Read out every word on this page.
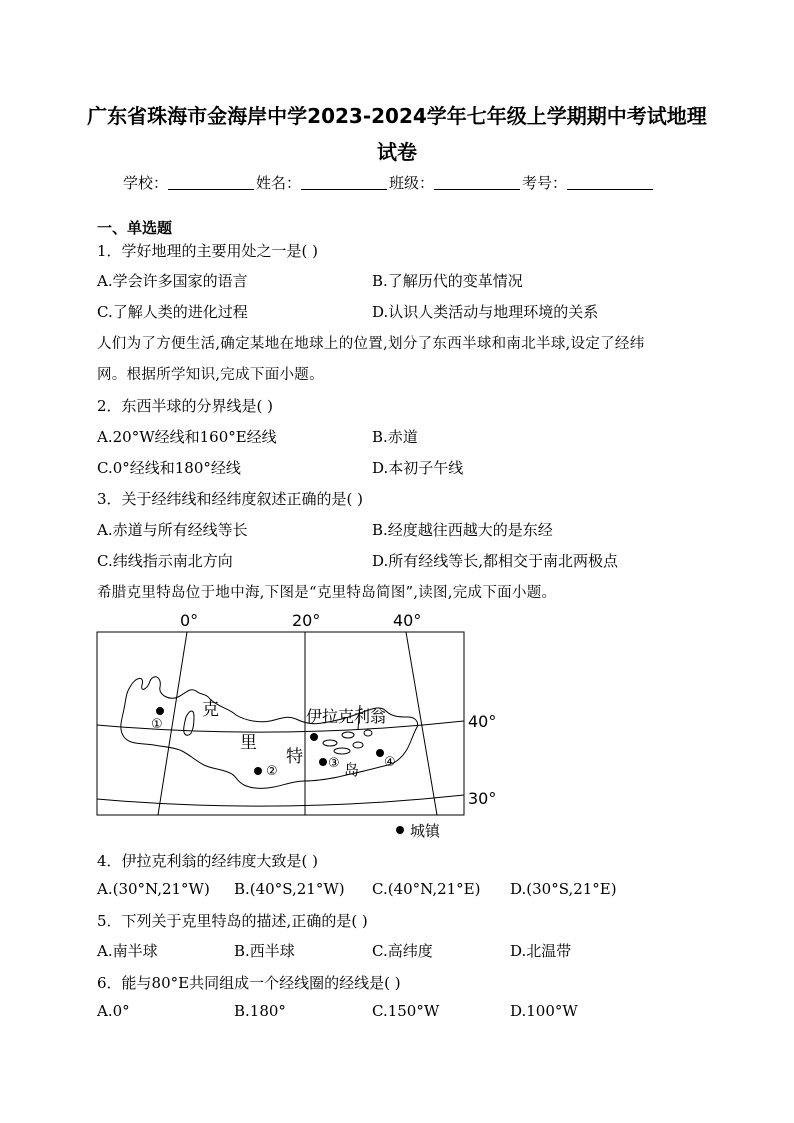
广东省珠海市金海岸中学2023-2024学年七年级上学期期中考试地理
试卷
学校：	姓名：	班级：	考号：
一、单选题
1．学好地理的主要用处之一是( )
A.学会许多国家的语言	B.了解历代的变革情况
C.了解人类的进化过程	D.认识人类活动与地理环境的关系
人们为了方便生活,确定某地在地球上的位置,划分了东西半球和南北半球,设定了经纬
网。根据所学知识,完成下面小题。
2．东西半球的分界线是( )
A.20°W经线和160°E经线	B.赤道
C.0°经线和180°经线	D.本初子午线
3．关于经纬线和经纬度叙述正确的是( )
A.赤道与所有经线等长	B.经度越往西越大的是东经
C.纬线指示南北方向	D.所有经线等长,都相交于南北两极点
希腊克里特岛位于地中海,下图是“克里特岛简图”,读图,完成下面小题。
①
②
③	④
克
里
特
岛
伊拉克利翁
0°	20°	40°
40°
30°
城镇
4．伊拉克利翁的经纬度大致是( )
A.(30°N,21°W) B.(40°S,21°W) C.(40°N,21°E) D.(30°S,21°E)
5．下列关于克里特岛的描述,正确的是( )
A.南半球	B.西半球	C.高纬度	D.北温带
6．能与80°E共同组成一个经线圈的经线是( )
A.0°	B.180°	C.150°W	D.100°W
